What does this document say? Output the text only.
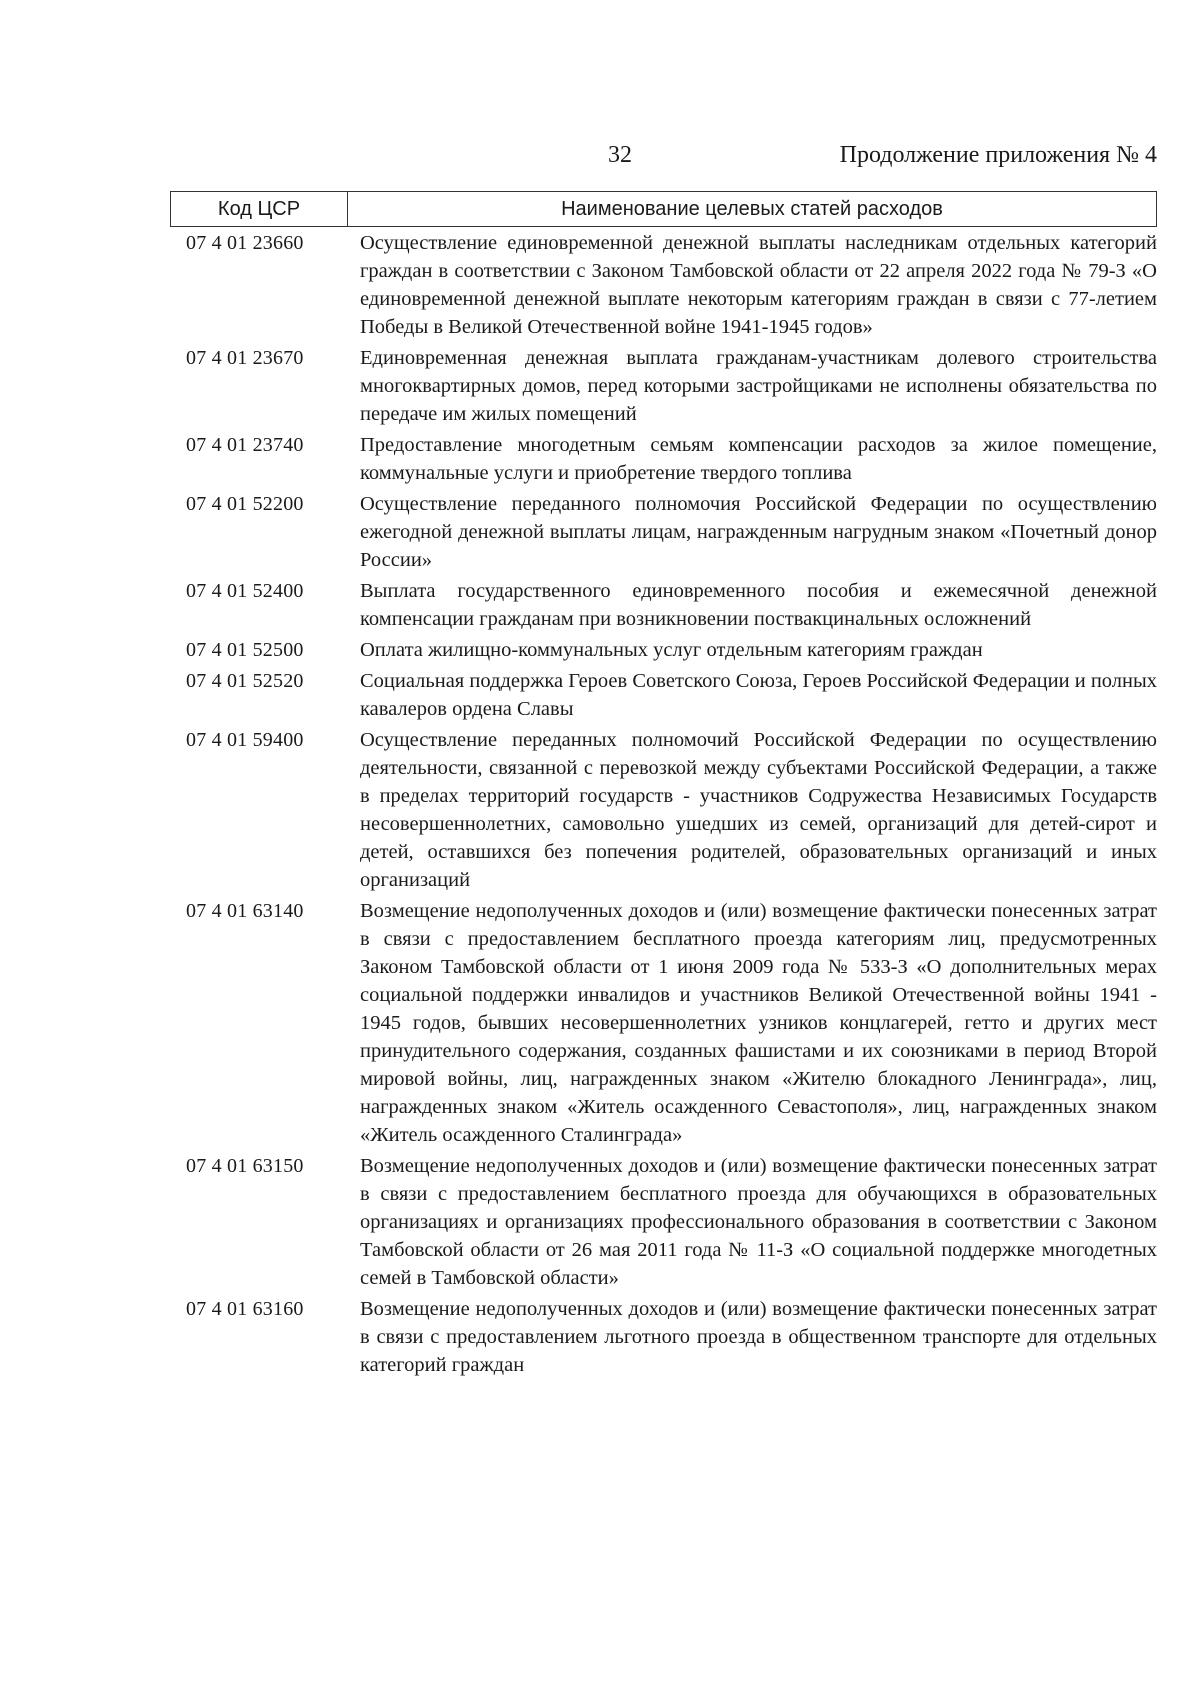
32	Продолжение приложения № 4
Код ЦСР	Наименование целевых статей расходов
07 4 01 23660	Осуществление единовременной денежной выплаты наследникам отдельных категорий граждан в соответствии с Законом Тамбовской области от 22 апреля 2022 года № 79-З «О единовременной денежной выплате некоторым категориям граждан в связи с 77-летием Победы в Великой Отечественной войне 1941-1945 годов»
07 4 01 23670	Единовременная денежная выплата гражданам-участникам долевого строительства многоквартирных домов, перед которыми застройщиками не исполнены обязательства по передаче им жилых помещений
07 4 01 23740	Предоставление многодетным семьям компенсации расходов за жилое помещение, коммунальные услуги и приобретение твердого топлива
07 4 01 52200	Осуществление переданного полномочия Российской Федерации по осуществлению ежегодной денежной выплаты лицам, награжденным нагрудным знаком «Почетный донор России»
07 4 01 52400	Выплата государственного единовременного пособия и ежемесячной денежной компенсации гражданам при возникновении поствакцинальных осложнений
07 4 01 52500	Оплата жилищно-коммунальных услуг отдельным категориям граждан
07 4 01 52520	Социальная поддержка Героев Советского Союза, Героев Российской Федерации и полных кавалеров ордена Славы
07 4 01 59400	Осуществление переданных полномочий Российской Федерации по осуществлению деятельности, связанной с перевозкой между субъектами Российской Федерации, а также в пределах территорий государств - участников Содружества Независимых Государств несовершеннолетних, самовольно ушедших из семей, организаций для детей-сирот и детей, оставшихся без попечения родителей, образовательных организаций и иных организаций
07 4 01 63140	Возмещение недополученных доходов и (или) возмещение фактически понесенных затрат в связи с предоставлением бесплатного проезда категориям лиц, предусмотренных Законом Тамбовской области от 1 июня 2009 года № 533-З «О дополнительных мерах социальной поддержки инвалидов и участников Великой Отечественной войны 1941 - 1945 годов, бывших несовершеннолетних узников концлагерей, гетто и других мест принудительного содержания, созданных фашистами и их союзниками в период Второй мировой войны, лиц, награжденных знаком «Жителю блокадного Ленинграда», лиц, награжденных знаком «Житель осажденного Севастополя», лиц, награжденных знаком «Житель осажденного Сталинграда»
07 4 01 63150	Возмещение недополученных доходов и (или) возмещение фактически понесенных затрат в связи с предоставлением бесплатного проезда для обучающихся в образовательных организациях и организациях профессионального образования в соответствии с Законом Тамбовской области от 26 мая 2011 года № 11-З «О социальной поддержке многодетных семей в Тамбовской области»
07 4 01 63160	Возмещение недополученных доходов и (или) возмещение фактически понесенных затрат в связи с предоставлением льготного проезда в общественном транспорте для отдельных категорий граждан
